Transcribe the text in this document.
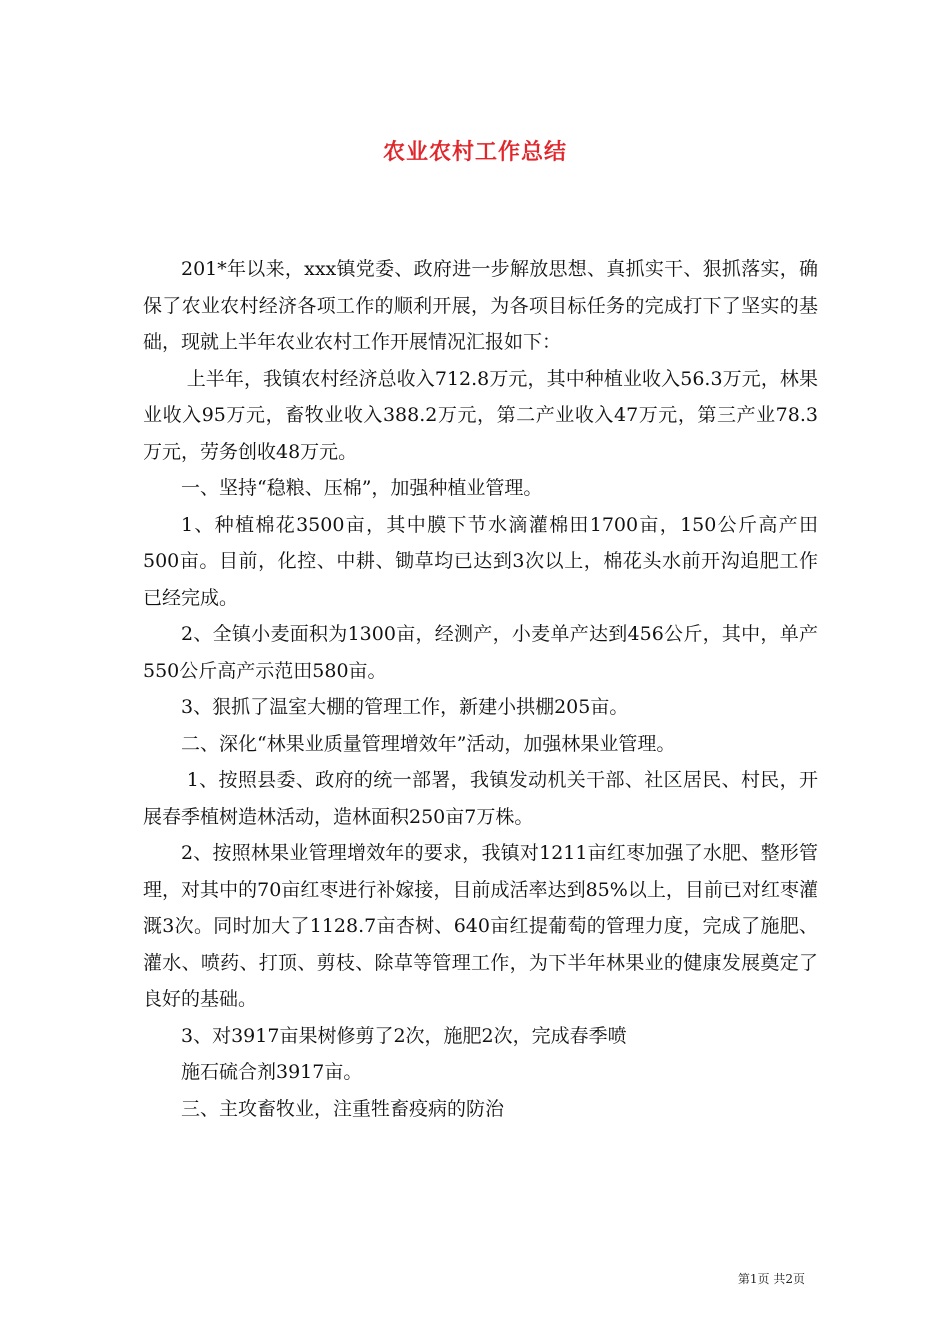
农业农村工作总结

201*年以来，xxx镇党委、政府进一步解放思想、真抓实干、狠抓落实，确保了农业农村经济各项工作的顺利开展，为各项目标任务的完成打下了坚实的基础，现就上半年农业农村工作开展情况汇报如下：

上半年，我镇农村经济总收入712.8万元，其中种植业收入56.3万元，林果业收入95万元，畜牧业收入388.2万元，第二产业收入47万元，第三产业78.3万元，劳务创收48万元。

一、坚持“稳粮、压棉”，加强种植业管理。

1、种植棉花3500亩，其中膜下节水滴灌棉田1700亩，150公斤高产田500亩。目前，化控、中耕、锄草均已达到3次以上，棉花头水前开沟追肥工作已经完成。

2、全镇小麦面积为1300亩，经测产，小麦单产达到456公斤，其中，单产550公斤高产示范田580亩。

3、狠抓了温室大棚的管理工作，新建小拱棚205亩。

二、深化“林果业质量管理增效年”活动，加强林果业管理。

1、按照县委、政府的统一部署，我镇发动机关干部、社区居民、村民，开展春季植树造林活动，造林面积250亩7万株。

2、按照林果业管理增效年的要求，我镇对1211亩红枣加强了水肥、整形管理，对其中的70亩红枣进行补嫁接，目前成活率达到85%以上，目前已对红枣灌溉3次。同时加大了1128.7亩杏树、640亩红提葡萄的管理力度，完成了施肥、灌水、喷药、打顶、剪枝、除草等管理工作，为下半年林果业的健康发展奠定了良好的基础。

3、对3917亩果树修剪了2次，施肥2次，完成春季喷

施石硫合剂3917亩。

三、主攻畜牧业，注重牲畜疫病的防治

第1页 共2页
